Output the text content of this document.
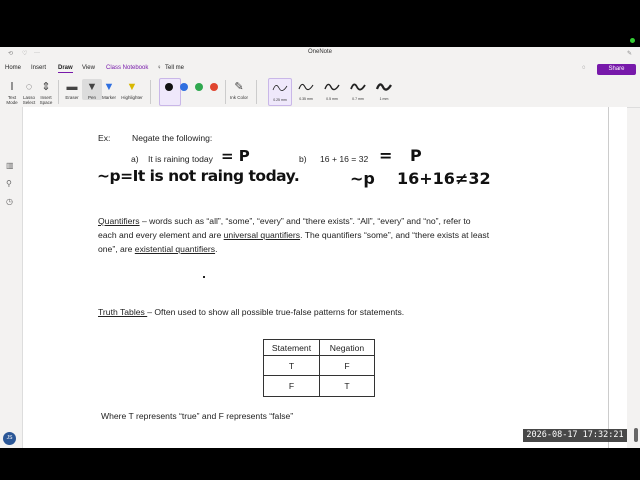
⟲ ♡ ···	OneNote	✎
Home Insert Draw View Class Notebook ♀ Tell me	◌	Share
Ⅰ
Text Mode
◌
Lasso Select
⇕
Insert Space
▬
Eraser
▼
Pen
▼
Marker
▼
Highlighter
✎
Ink Color	0.25 mm	0.35 mm	0.5 mm	0.7 mm	1 mm
▥
⚲
◷
Ex:	Negate the following:
a) It is raining today = P	b) 16 + 16 = 32 = P
~p=It is not raing today.	~p 16+16≠32
Quantifiers – words such as “all”, “some”, “every” and “there exists”. “All”, “every” and “no”, refer to
each and every element and are universal quantifiers. The quantifiers “some”, and “there exists at least
one”, are existential quantifiers.
Truth Tables – Often used to show all possible true-false patterns for statements.
Statement	Negation
T	F
F	T
Where T represents “true” and F represents “false”
JS	2026-08-17 17:32:21
